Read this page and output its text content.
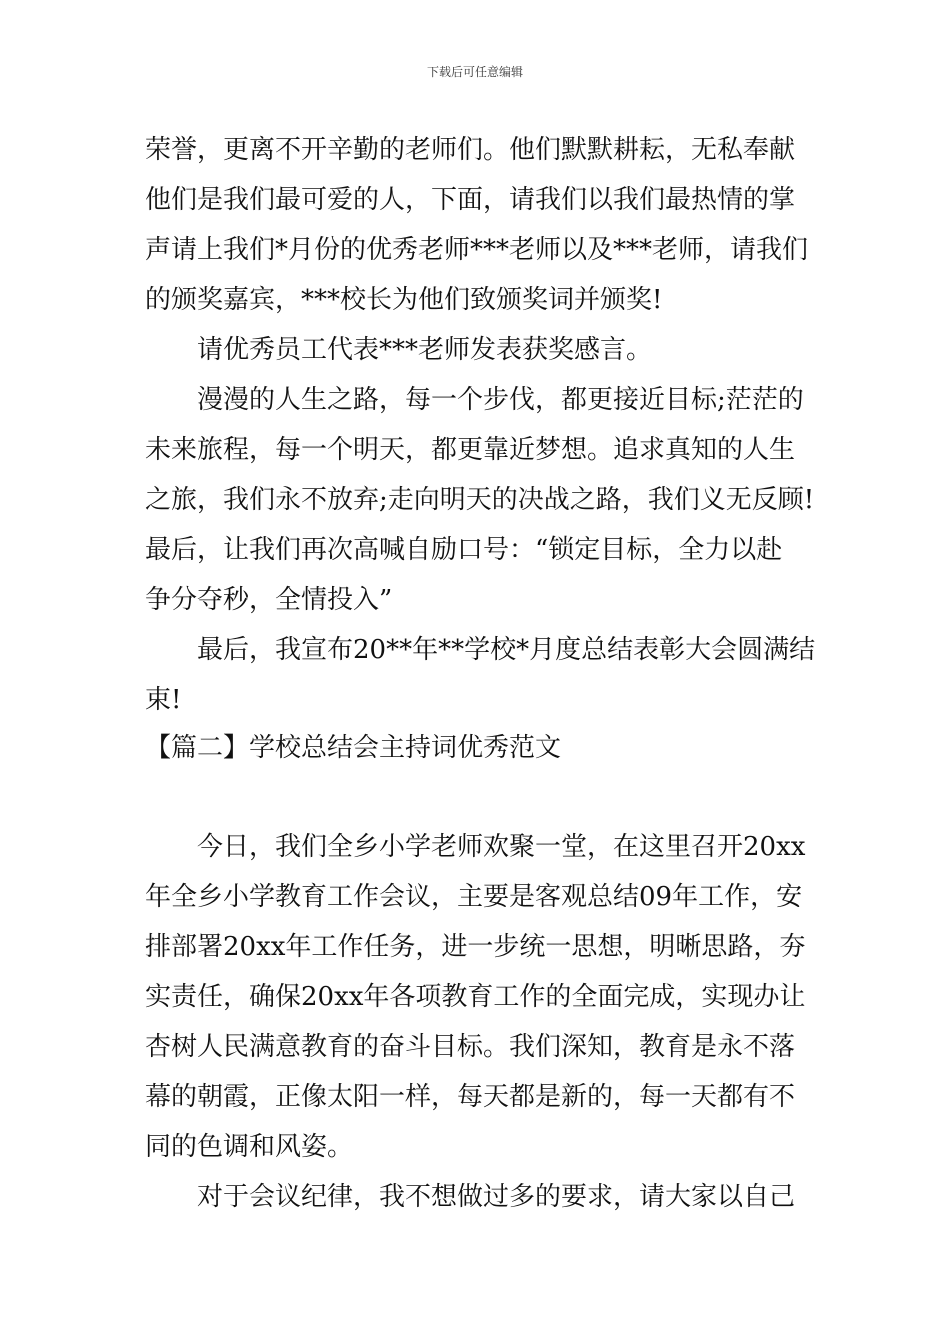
下载后可任意编辑
荣誉，更离不开辛勤的老师们。他们默默耕耘，无私奉献
他们是我们最可爱的人，下面，请我们以我们最热情的掌
声请上我们*月份的优秀老师***老师以及***老师，请我们
的颁奖嘉宾，***校长为他们致颁奖词并颁奖!
请优秀员工代表***老师发表获奖感言。
漫漫的人生之路，每一个步伐，都更接近目标;茫茫的
未来旅程，每一个明天，都更靠近梦想。追求真知的人生
之旅，我们永不放弃;走向明天的决战之路，我们义无反顾!
最后，让我们再次高喊自励口号：“锁定目标，全力以赴
争分夺秒，全情投入”
最后，我宣布20**年**学校*月度总结表彰大会圆满结
束!
【篇二】学校总结会主持词优秀范文
今日，我们全乡小学老师欢聚一堂，在这里召开20xx
年全乡小学教育工作会议，主要是客观总结09年工作，安
排部署20xx年工作任务，进一步统一思想，明晰思路，夯
实责任，确保20xx年各项教育工作的全面完成，实现办让
杏树人民满意教育的奋斗目标。我们深知，教育是永不落
幕的朝霞，正像太阳一样，每天都是新的，每一天都有不
同的色调和风姿。
对于会议纪律，我不想做过多的要求，请大家以自己
